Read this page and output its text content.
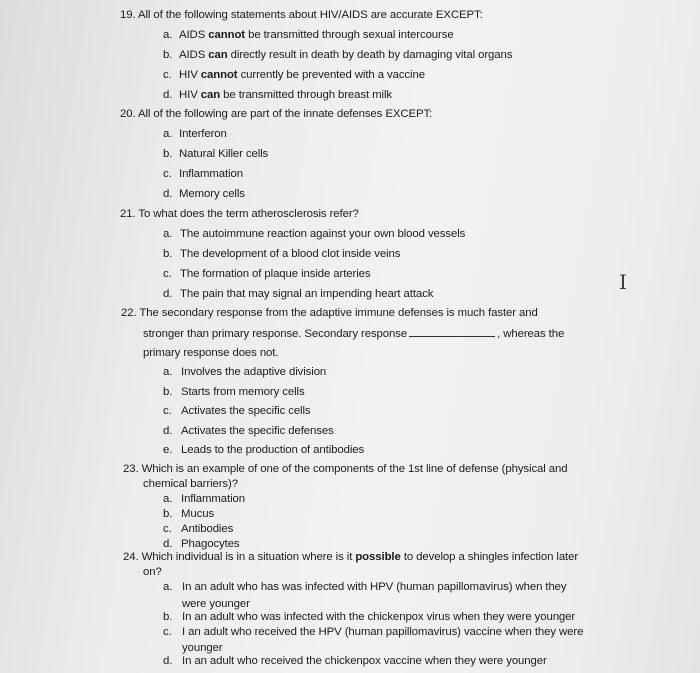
19. All of the following statements about HIV/AIDS are accurate EXCEPT:
a. AIDS cannot be transmitted through sexual intercourse
b. AIDS can directly result in death by death by damaging vital organs
c. HIV cannot currently be prevented with a vaccine
d. HIV can be transmitted through breast milk
20. All of the following are part of the innate defenses EXCEPT:
a. Interferon
b. Natural Killer cells
c. Inflammation
d. Memory cells
21. To what does the term atherosclerosis refer?
a. The autoimmune reaction against your own blood vessels
b. The development of a blood clot inside veins
c. The formation of plaque inside arteries
d. The pain that may signal an impending heart attack
22. The secondary response from the adaptive immune defenses is much faster and
stronger than primary response. Secondary response	, whereas the
primary response does not.
a. Involves the adaptive division
b. Starts from memory cells
c. Activates the specific cells
d. Activates the specific defenses
e. Leads to the production of antibodies
23. Which is an example of one of the components of the 1st line of defense (physical and
chemical barriers)?
a. Inflammation
b. Mucus
c. Antibodies
d. Phagocytes
24. Which individual is in a situation where is it possible to develop a shingles infection later
on?
a. In an adult who has was infected with HPV (human papillomavirus) when they
were younger
b. In an adult who was infected with the chickenpox virus when they were younger
c. I an adult who received the HPV (human papillomavirus) vaccine when they were
younger
d. In an adult who received the chickenpox vaccine when they were younger
I
